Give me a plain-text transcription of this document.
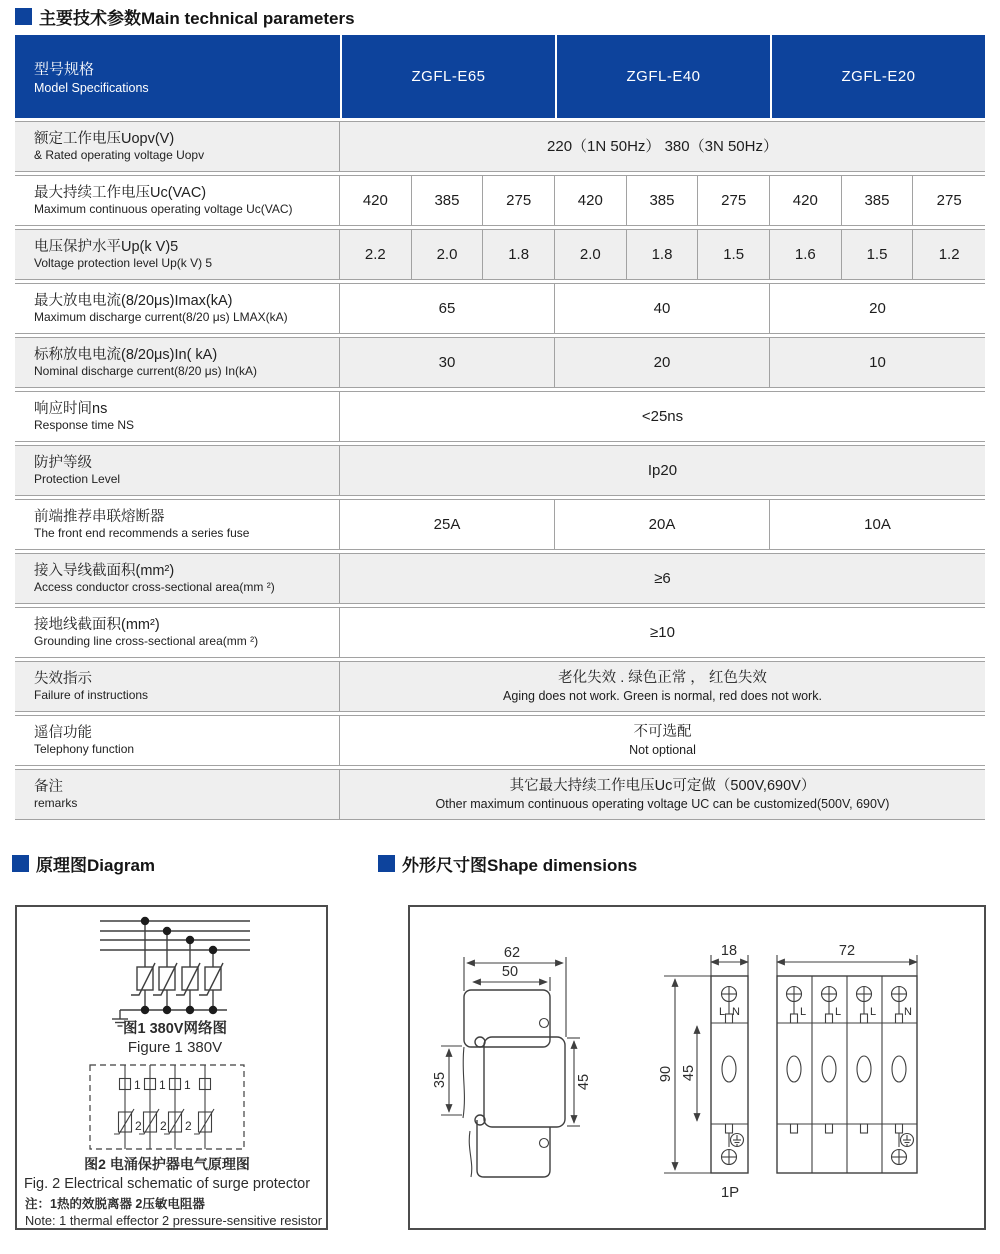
主要技术参数Main technical parameters
型号规格
Model Specifications
ZGFL-E65	ZGFL-E40	ZGFL-E20
额定工作电压Uopv(V)
& Rated operating voltage Uopv
220（1N 50Hz） 380（3N 50Hz）
最大持续工作电压Uc(VAC)
Maximum continuous operating voltage Uc(VAC)
420	385	275	420	385	275	420	385	275
电压保护水平Up(k V)5
Voltage protection level Up(k V) 5
2.2	2.0	1.8	2.0	1.8	1.5	1.6	1.5	1.2
最大放电电流(8/20μs)Imax(kA)
Maximum discharge current(8/20 μs) LMAX(kA)
65	40	20
标称放电电流(8/20μs)In( kA)
Nominal discharge current(8/20 μs) In(kA)
30	20	10
响应时间ns
Response time NS
<25ns
防护等级
Protection Level
Ip20
前端推荐串联熔断器
The front end recommends a series fuse
25A	20A	10A
接入导线截面积(mm²)
Access conductor cross-sectional area(mm ²)
≥6
接地线截面积(mm²)
Grounding line cross-sectional area(mm ²)
≥10
失效指示
Failure of instructions
老化失效 . 绿色正常 ， 红色失效
Aging does not work. Green is normal, red does not work.
遥信功能
Telephony function
不可选配
Not optional
备注
remarks
其它最大持续工作电压Uc可定做（500V,690V）
Other maximum continuous operating voltage UC can be customized(500V, 690V)
原理图Diagram	外形尺寸图Shape dimensions
图1 380V网络图
Figure 1 380V
1 1 1
2 2 2
图2 电涌保护器电气原理图
Fig. 2 Electrical schematic of surge protector
注：1热的效脱离器 2压敏电阻器
Note: 1 thermal effector 2 pressure-sensitive resistor
62
50
45
35
18
90 45
L N
1P
72
L	L	L	N
